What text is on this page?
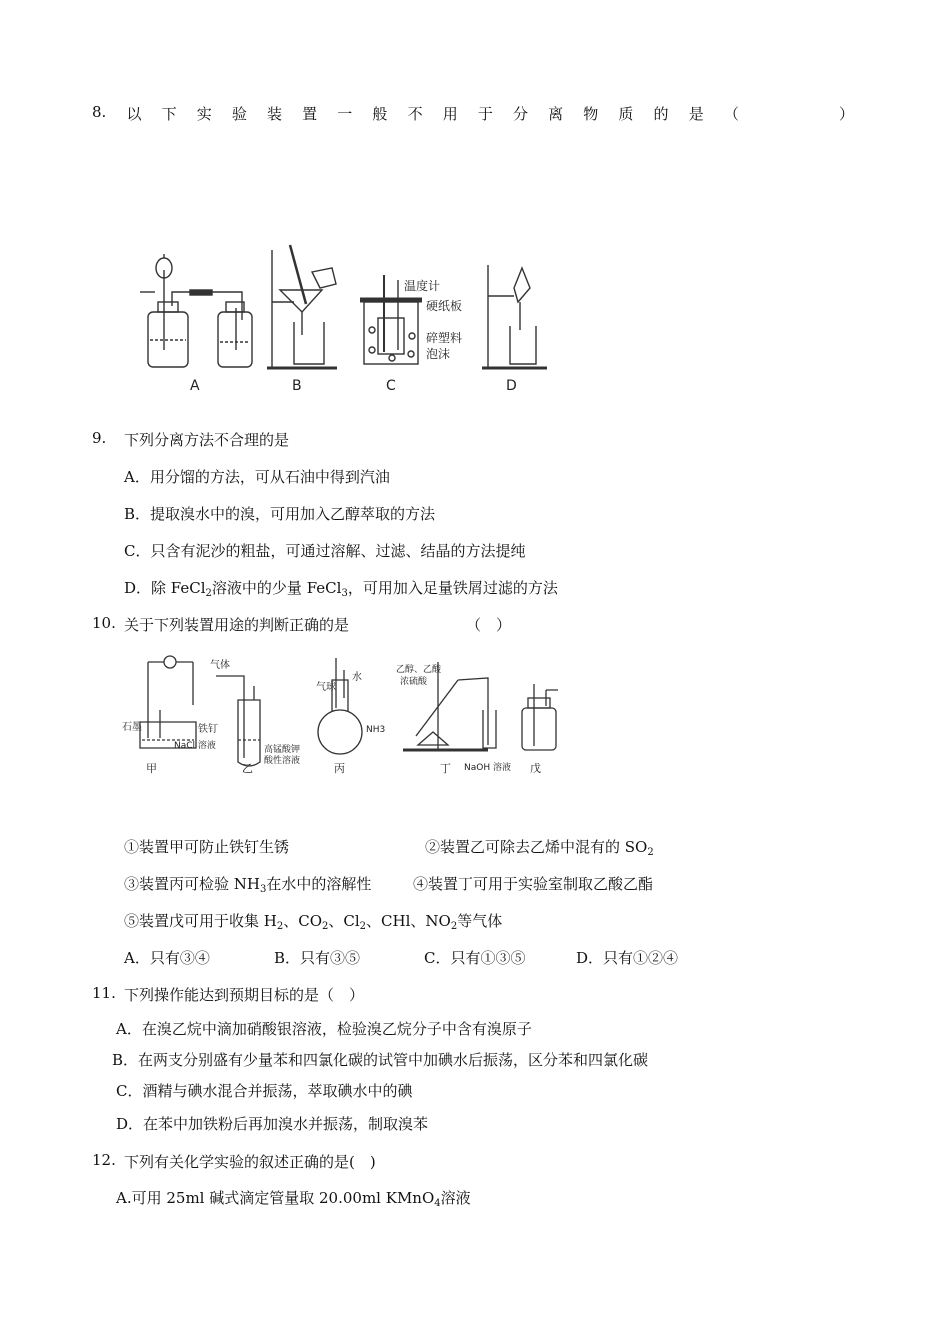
8. 以 下 实 验 装 置 一 般 不 用 于 分 离 物 质 的 是 （	）
温度计
硬纸板
碎塑料
泡沫
A	B	C	D
9. 下列分离方法不合理的是
A．用分馏的方法，可从石油中得到汽油
B．提取溴水中的溴，可用加入乙醇萃取的方法
C．只含有泥沙的粗盐，可通过溶解、过滤、结晶的方法提纯
D．除 FeCl$_2$溶液中的少量 FeCl$_3$，可用加入足量铁屑过滤的方法
10. 关于下列装置用途的判断正确的是	（　）
石墨	铁钉
NaCl 溶液
气体
高锰酸钾
酸性溶液
气球
水
NH3
乙醇、乙酸
浓硫酸
NaOH 溶液
甲	乙	丙	丁	戊
①装置甲可防止铁钉生锈	②装置乙可除去乙烯中混有的 $SO_2$
③装置丙可检验 $NH_3$在水中的溶解性	④装置丁可用于实验室制取乙酸乙酯
⑤装置戊可用于收集 $H_2$、$CO_2$、$Cl_2$、CHl、$NO_2$等气体
A．只有③④	B．只有③⑤	C．只有①③⑤	D．只有①②④
11. 下列操作能达到预期目标的是（　）
A．在溴乙烷中滴加硝酸银溶液，检验溴乙烷分子中含有溴原子
B．在两支分别盛有少量苯和四氯化碳的试管中加碘水后振荡，区分苯和四氯化碳
C．酒精与碘水混合并振荡，萃取碘水中的碘
D．在苯中加铁粉后再加溴水并振荡，制取溴苯
12. 下列有关化学实验的叙述正确的是(　)
A.可用 25ml 碱式滴定管量取 20.00ml KMnO$_4$溶液
